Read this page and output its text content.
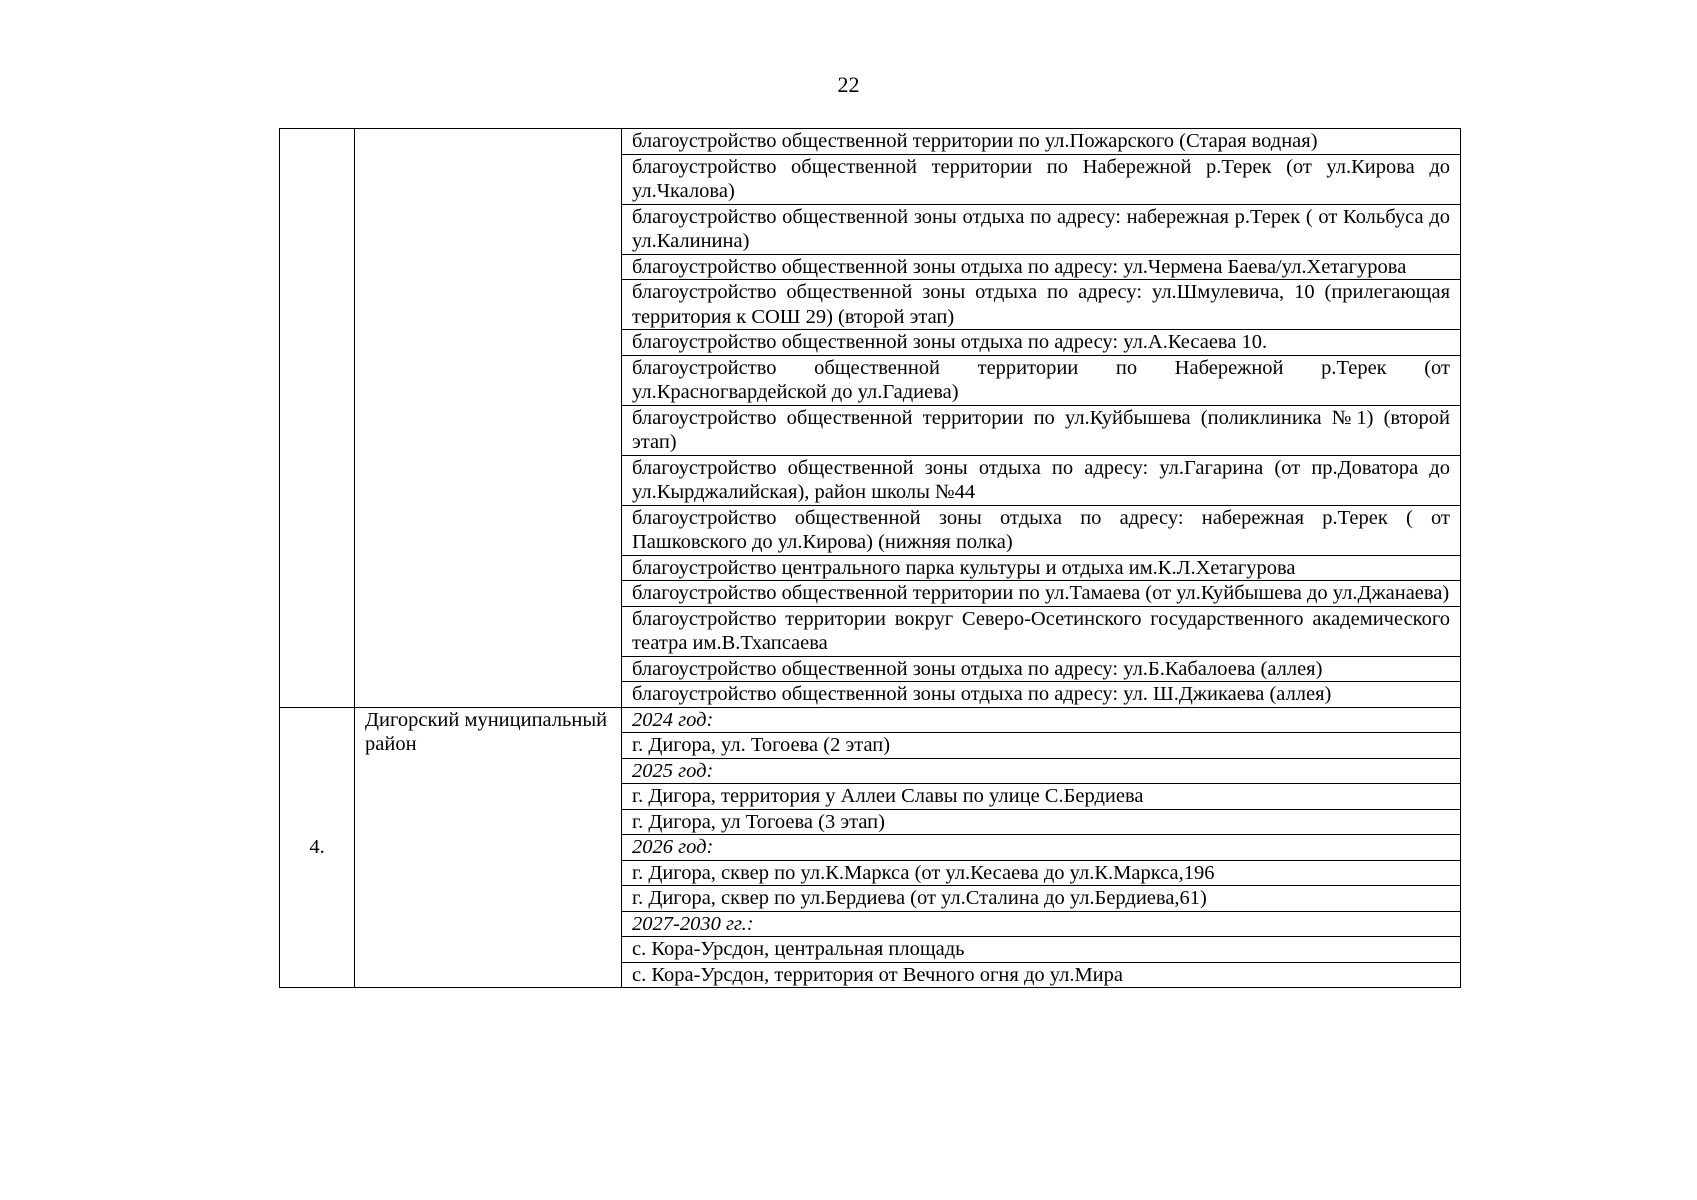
22
		благоустройство общественной территории по ул.Пожарского (Старая водная)
		благоустройство общественной территории по Набережной р.Терек (от ул.Кирова до ул.Чкалова)
		благоустройство общественной зоны отдыха по адресу: набережная р.Терек ( от Кольбуса до ул.Калинина)
		благоустройство общественной зоны отдыха по адресу: ул.Чермена Баева/ул.Хетагурова
		благоустройство общественной зоны отдыха по адресу: ул.Шмулевича, 10 (прилегающая территория к СОШ 29) (второй этап)
		благоустройство общественной зоны отдыха по адресу: ул.А.Кесаева 10.
		благоустройство общественной территории по Набережной р.Терек (от ул.Красногвардейской до ул.Гадиева)
		благоустройство общественной территории по ул.Куйбышева (поликлиника №1) (второй этап)
		благоустройство общественной зоны отдыха по адресу: ул.Гагарина (от пр.Доватора до ул.Кырджалийская), район школы №44
		благоустройство общественной зоны отдыха по адресу: набережная р.Терек ( от Пашковского до ул.Кирова) (нижняя полка)
		благоустройство центрального парка культуры и отдыха им.К.Л.Хетагурова
		благоустройство общественной территории по ул.Тамаева (от ул.Куйбышева до ул.Джанаева)
		благоустройство территории вокруг Северо-Осетинского государственного академического театра им.В.Тхапсаева
		благоустройство общественной зоны отдыха по адресу: ул.Б.Кабалоева (аллея)
		благоустройство общественной зоны отдыха по адресу: ул. Ш.Джикаева (аллея)
4.	Дигорский муниципальный район	2024 год:
		г. Дигора, ул. Тогоева (2 этап)
		2025 год:
		г. Дигора, территория у Аллеи Славы по улице С.Бердиева
		г. Дигора, ул Тогоева (3 этап)
		2026 год:
		г. Дигора, сквер по ул.К.Маркса (от ул.Кесаева до ул.К.Маркса,196
		г. Дигора, сквер по ул.Бердиева (от ул.Сталина до ул.Бердиева,61)
		2027-2030 гг.:
		с. Кора-Урсдон, центральная площадь
		с. Кора-Урсдон, территория от Вечного огня до ул.Мира
